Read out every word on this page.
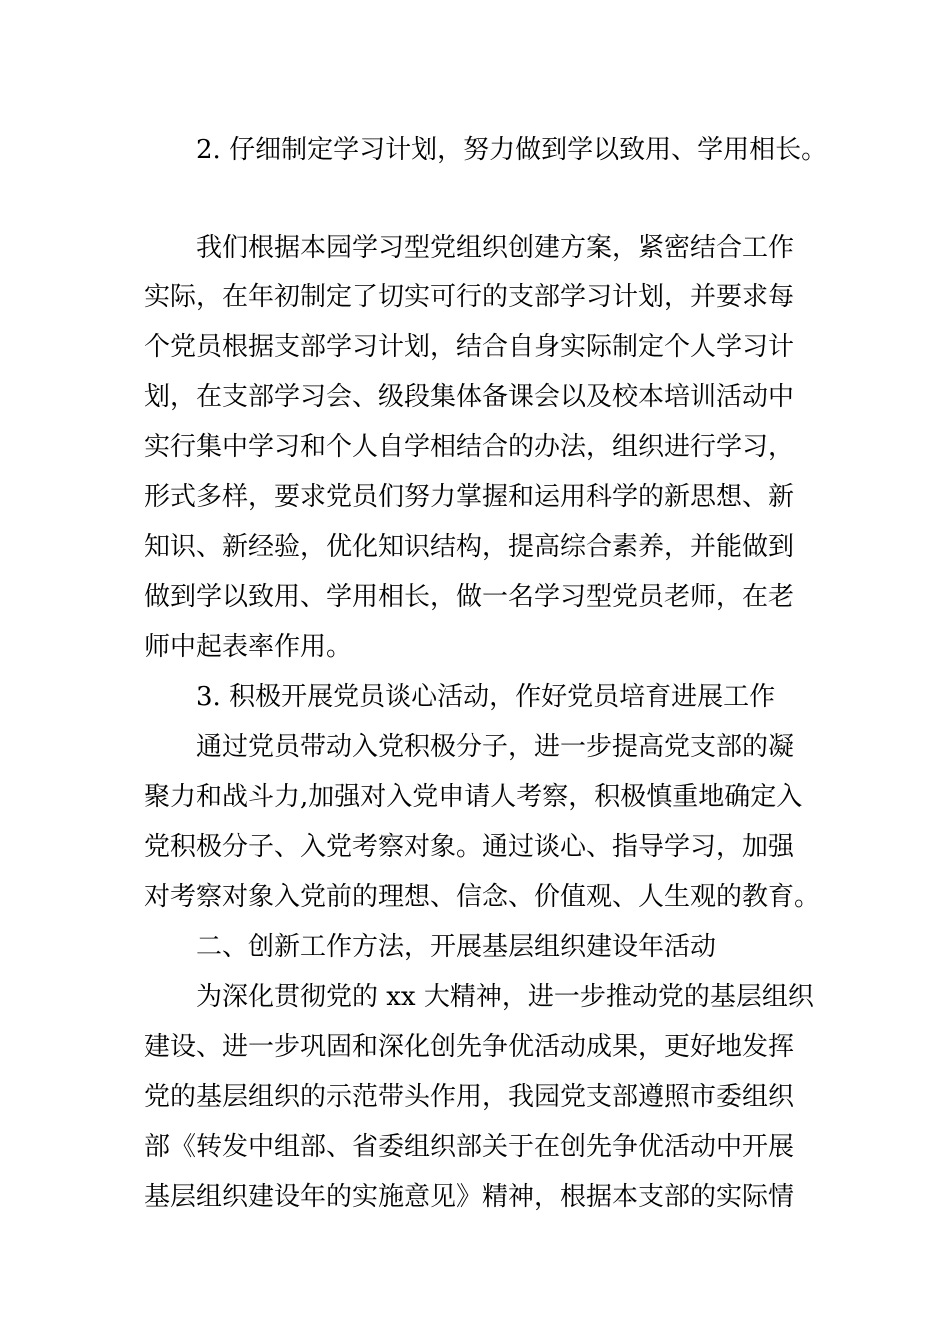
2. 仔细制定学习计划，努力做到学以致用、学用相长。
我们根据本园学习型党组织创建方案，紧密结合工作
实际，在年初制定了切实可行的支部学习计划，并要求每
个党员根据支部学习计划，结合自身实际制定个人学习计
划，在支部学习会、级段集体备课会以及校本培训活动中
实行集中学习和个人自学相结合的办法，组织进行学习，
形式多样，要求党员们努力掌握和运用科学的新思想、新
知识、新经验，优化知识结构，提高综合素养，并能做到
做到学以致用、学用相长，做一名学习型党员老师，在老
师中起表率作用。
3. 积极开展党员谈心活动，作好党员培育进展工作
通过党员带动入党积极分子，进一步提高党支部的凝
聚力和战斗力,加强对入党申请人考察，积极慎重地确定入
党积极分子、入党考察对象。通过谈心、指导学习，加强
对考察对象入党前的理想、信念、价值观、人生观的教育。
二、创新工作方法，开展基层组织建设年活动
为深化贯彻党的 xx 大精神，进一步推动党的基层组织
建设、进一步巩固和深化创先争优活动成果，更好地发挥
党的基层组织的示范带头作用，我园党支部遵照市委组织
部《转发中组部、省委组织部关于在创先争优活动中开展
基层组织建设年的实施意见》精神，根据本支部的实际情
